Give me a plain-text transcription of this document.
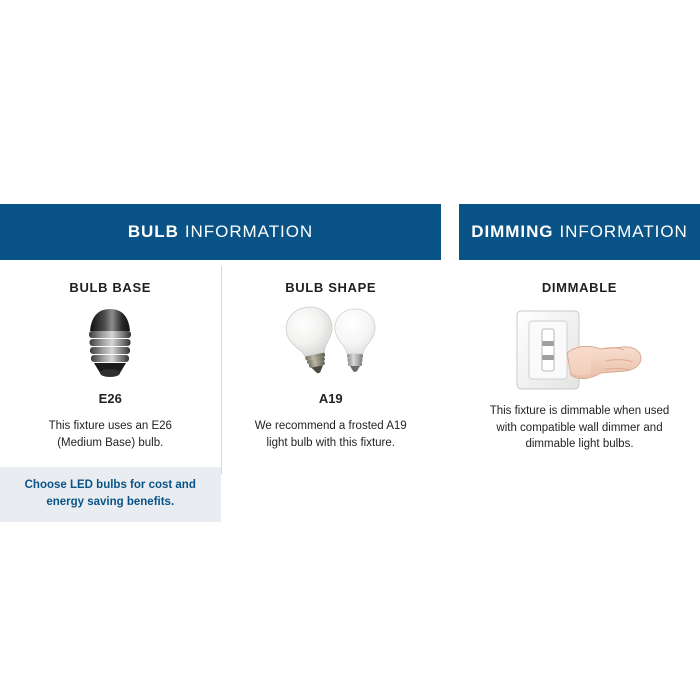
BULB INFORMATION
BULB BASE
E26
This fixture uses an E26 (Medium Base) bulb.
Choose LED bulbs for cost and energy saving benefits.
BULB SHAPE
A19
We recommend a frosted A19 light bulb with this fixture.
DIMMING INFORMATION
DIMMABLE
This fixture is dimmable when used with compatible wall dimmer and dimmable light bulbs.
